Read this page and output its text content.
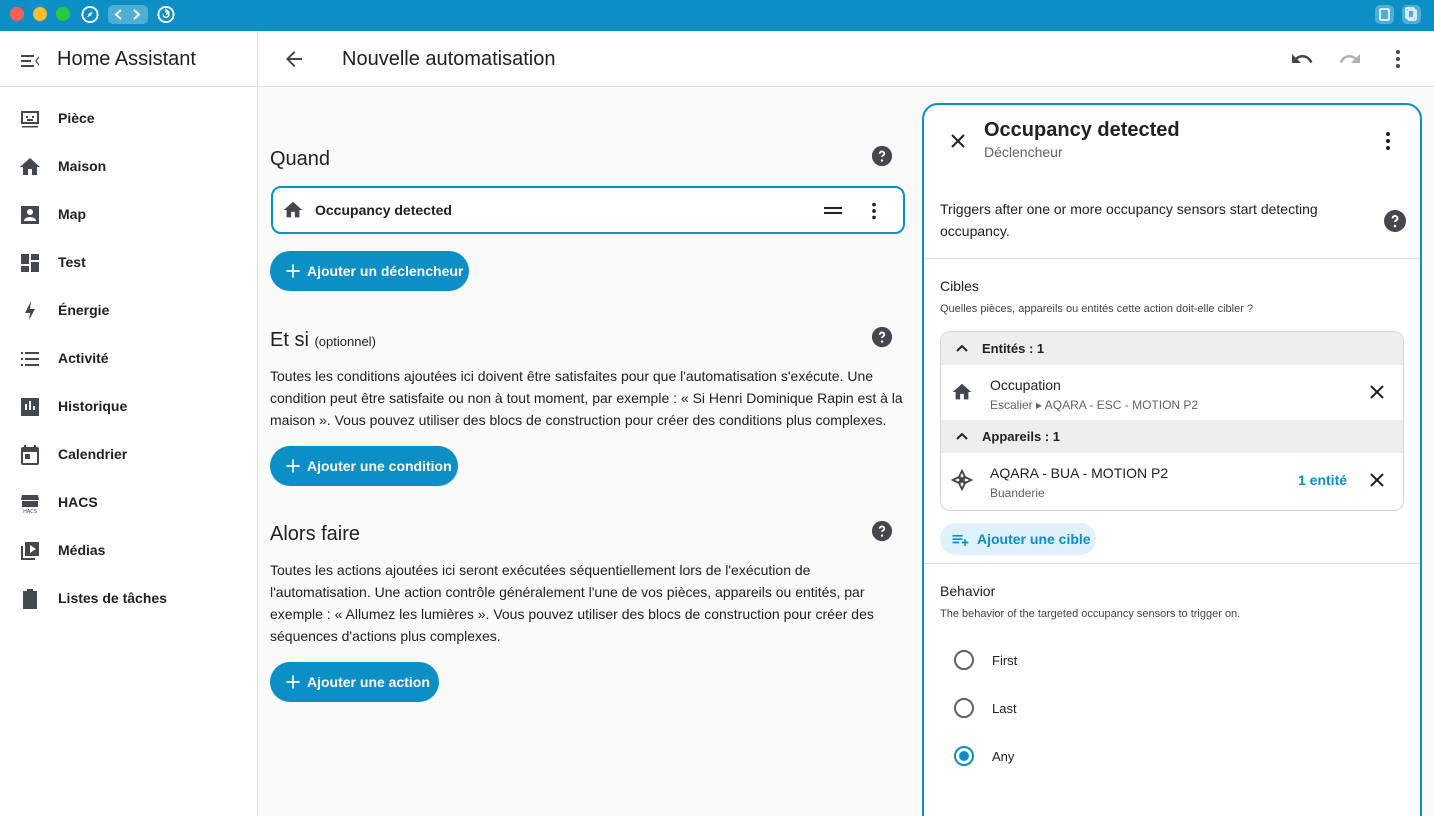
Home Assistant
Pièce
Maison
Map
Test
Énergie
Activité
Historique
Calendrier
HACS
HACS
Médias
Listes de tâches
Nouvelle automatisation
Quand
Occupancy detected
Ajouter un déclencheur
Et si (optionnel)
Toutes les conditions ajoutées ici doivent être satisfaites pour que l'automatisation s'exécute. Une condition peut être satisfaite ou non à tout moment, par exemple : « Si Henri Dominique Rapin est à la maison ». Vous pouvez utiliser des blocs de construction pour créer des conditions plus complexes.
Ajouter une condition
Alors faire
Toutes les actions ajoutées ici seront exécutées séquentiellement lors de l'exécution de l'automatisation. Une action contrôle généralement l'une de vos pièces, appareils ou entités, par exemple : « Allumez les lumières ». Vous pouvez utiliser des blocs de construction pour créer des séquences d'actions plus complexes.
Ajouter une action
Occupancy detected
Déclencheur
Triggers after one or more occupancy sensors start detecting occupancy.
Cibles
Quelles pièces, appareils ou entités cette action doit-elle cibler ?
Entités : 1
Occupation
Escalier ▸ AQARA - ESC - MOTION P2
Appareils : 1
AQARA - BUA - MOTION P2
Buanderie
1 entité
Ajouter une cible
Behavior
The behavior of the targeted occupancy sensors to trigger on.
First
Last
Any
